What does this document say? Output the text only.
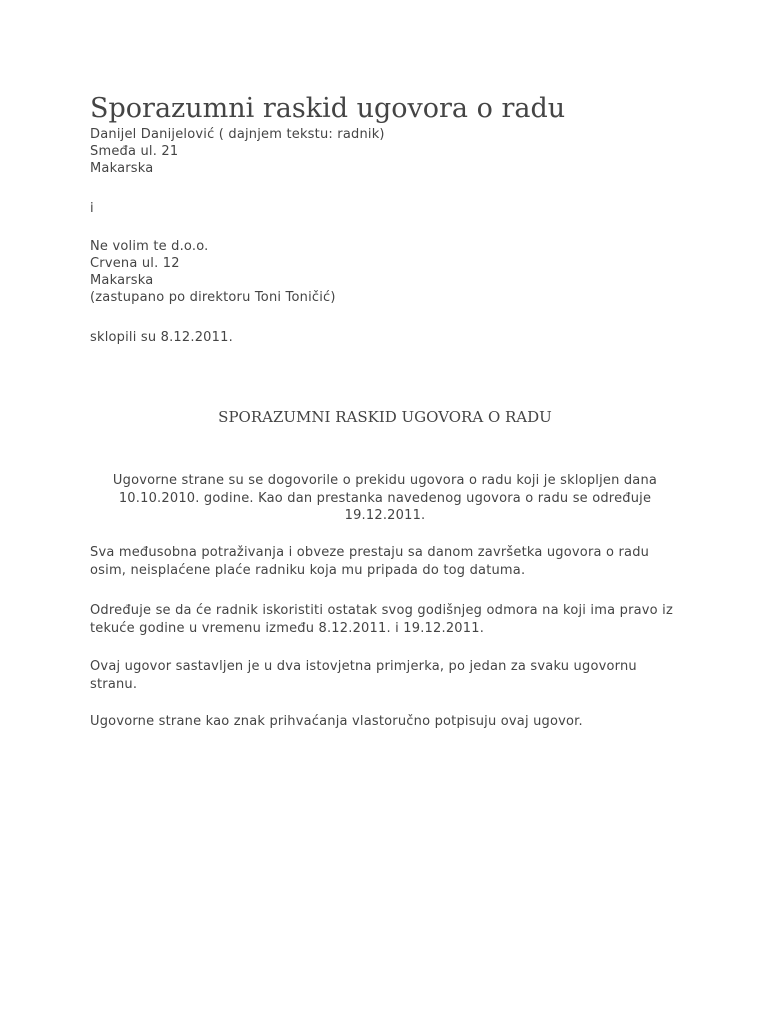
Sporazumni raskid ugovora o radu
Danijel Danijelović ( dajnjem tekstu: radnik)
Smeđa ul. 21
Makarska
i
Ne volim te d.o.o.
Crvena ul. 12
Makarska
(zastupano po direktoru Toni Toničić)
sklopili su 8.12.2011.
SPORAZUMNI RASKID UGOVORA O RADU
Ugovorne strane su se dogovorile o prekidu ugovora o radu koji je sklopljen dana
10.10.2010. godine. Kao dan prestanka navedenog ugovora o radu se određuje
19.12.2011.
Sva međusobna potraživanja i obveze prestaju sa danom završetka ugovora o radu
osim, neisplaćene plaće radniku koja mu pripada do tog datuma.
Određuje se da će radnik iskoristiti ostatak svog godišnjeg odmora na koji ima pravo iz
tekuće godine u vremenu između 8.12.2011. i 19.12.2011.
Ovaj ugovor sastavljen je u dva istovjetna primjerka, po jedan za svaku ugovornu
stranu.
Ugovorne strane kao znak prihvaćanja vlastoručno potpisuju ovaj ugovor.
